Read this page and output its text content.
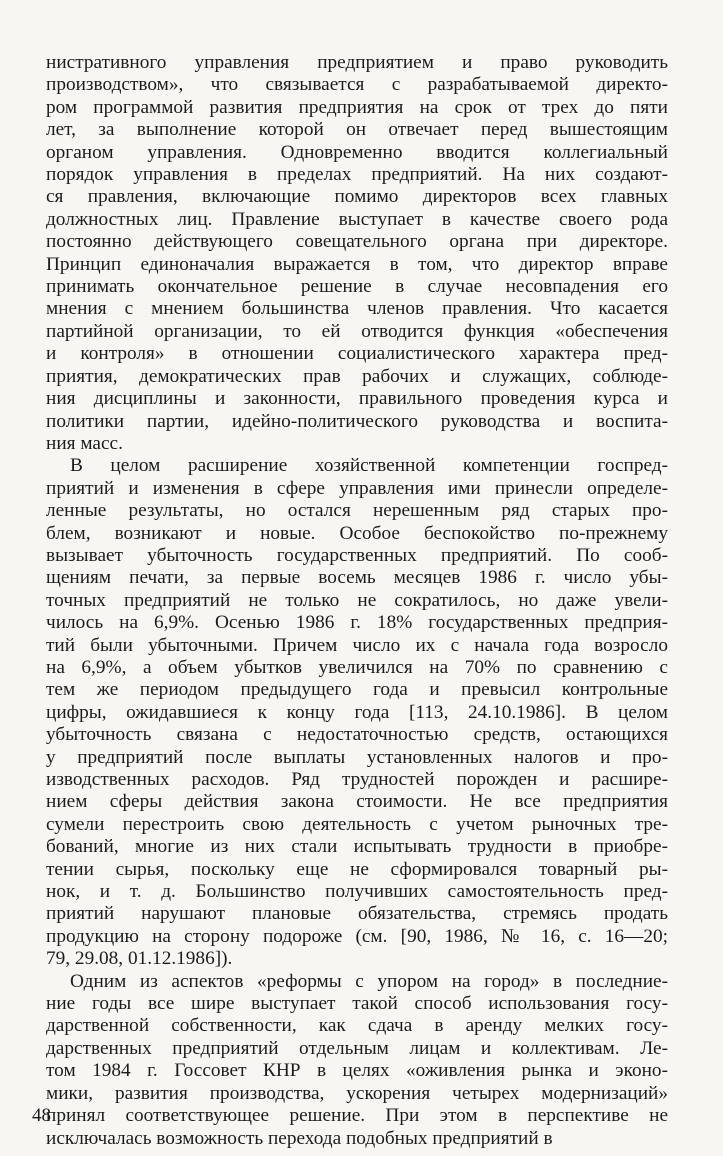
нистративного управления предприятием и право руководить
производством», что связывается с разрабатываемой директо-
ром программой развития предприятия на срок от трех до пяти
лет, за выполнение которой он отвечает перед вышестоящим
органом управления. Одновременно вводится коллегиальный
порядок управления в пределах предприятий. На них создают-
ся правления, включающие помимо директоров всех главных
должностных лиц. Правление выступает в качестве своего рода
постоянно действующего совещательного органа при директоре.
Принцип единоначалия выражается в том, что директор вправе
принимать окончательное решение в случае несовпадения его
мнения с мнением большинства членов правления. Что касается
партийной организации, то ей отводится функция «обеспечения
и контроля» в отношении социалистического характера пред-
приятия, демократических прав рабочих и служащих, соблюде-
ния дисциплины и законности, правильного проведения курса и
политики партии, идейно-политического руководства и воспита-
ния масс.
В целом расширение хозяйственной компетенции госпред-
приятий и изменения в сфере управления ими принесли определе-
ленные результаты, но остался нерешенным ряд старых про-
блем, возникают и новые. Особое беспокойство по-прежнему
вызывает убыточность государственных предприятий. По сооб-
щениям печати, за первые восемь месяцев 1986 г. число убы-
точных предприятий не только не сократилось, но даже увели-
чилось на 6,9%. Осенью 1986 г. 18% государственных предприя-
тий были убыточными. Причем число их с начала года возросло
на 6,9%, а объем убытков увеличился на 70% по сравнению с
тем же периодом предыдущего года и превысил контрольные
цифры, ожидавшиеся к концу года [113, 24.10.1986]. В целом
убыточность связана с недостаточностью средств, остающихся
у предприятий после выплаты установленных налогов и про-
изводственных расходов. Ряд трудностей порожден и расшире-
нием сферы действия закона стоимости. Не все предприятия
сумели перестроить свою деятельность с учетом рыночных тре-
бований, многие из них стали испытывать трудности в приобре-
тении сырья, поскольку еще не сформировался товарный ры-
нок, и т. д. Большинство получивших самостоятельность пред-
приятий нарушают плановые обязательства, стремясь продать
продукцию на сторону подороже (см. [90, 1986, № 16, с. 16—20;
79, 29.08, 01.12.1986]).
Одним из аспектов «реформы с упором на город» в последние-
ние годы все шире выступает такой способ использования госу-
дарственной собственности, как сдача в аренду мелких госу-
дарственных предприятий отдельным лицам и коллективам. Ле-
том 1984 г. Госсовет КНР в целях «оживления рынка и эконо-
мики, развития производства, ускорения четырех модернизаций»
принял соответствующее решение. При этом в перспективе не
исключалась возможность перехода подобных предприятий в
48
